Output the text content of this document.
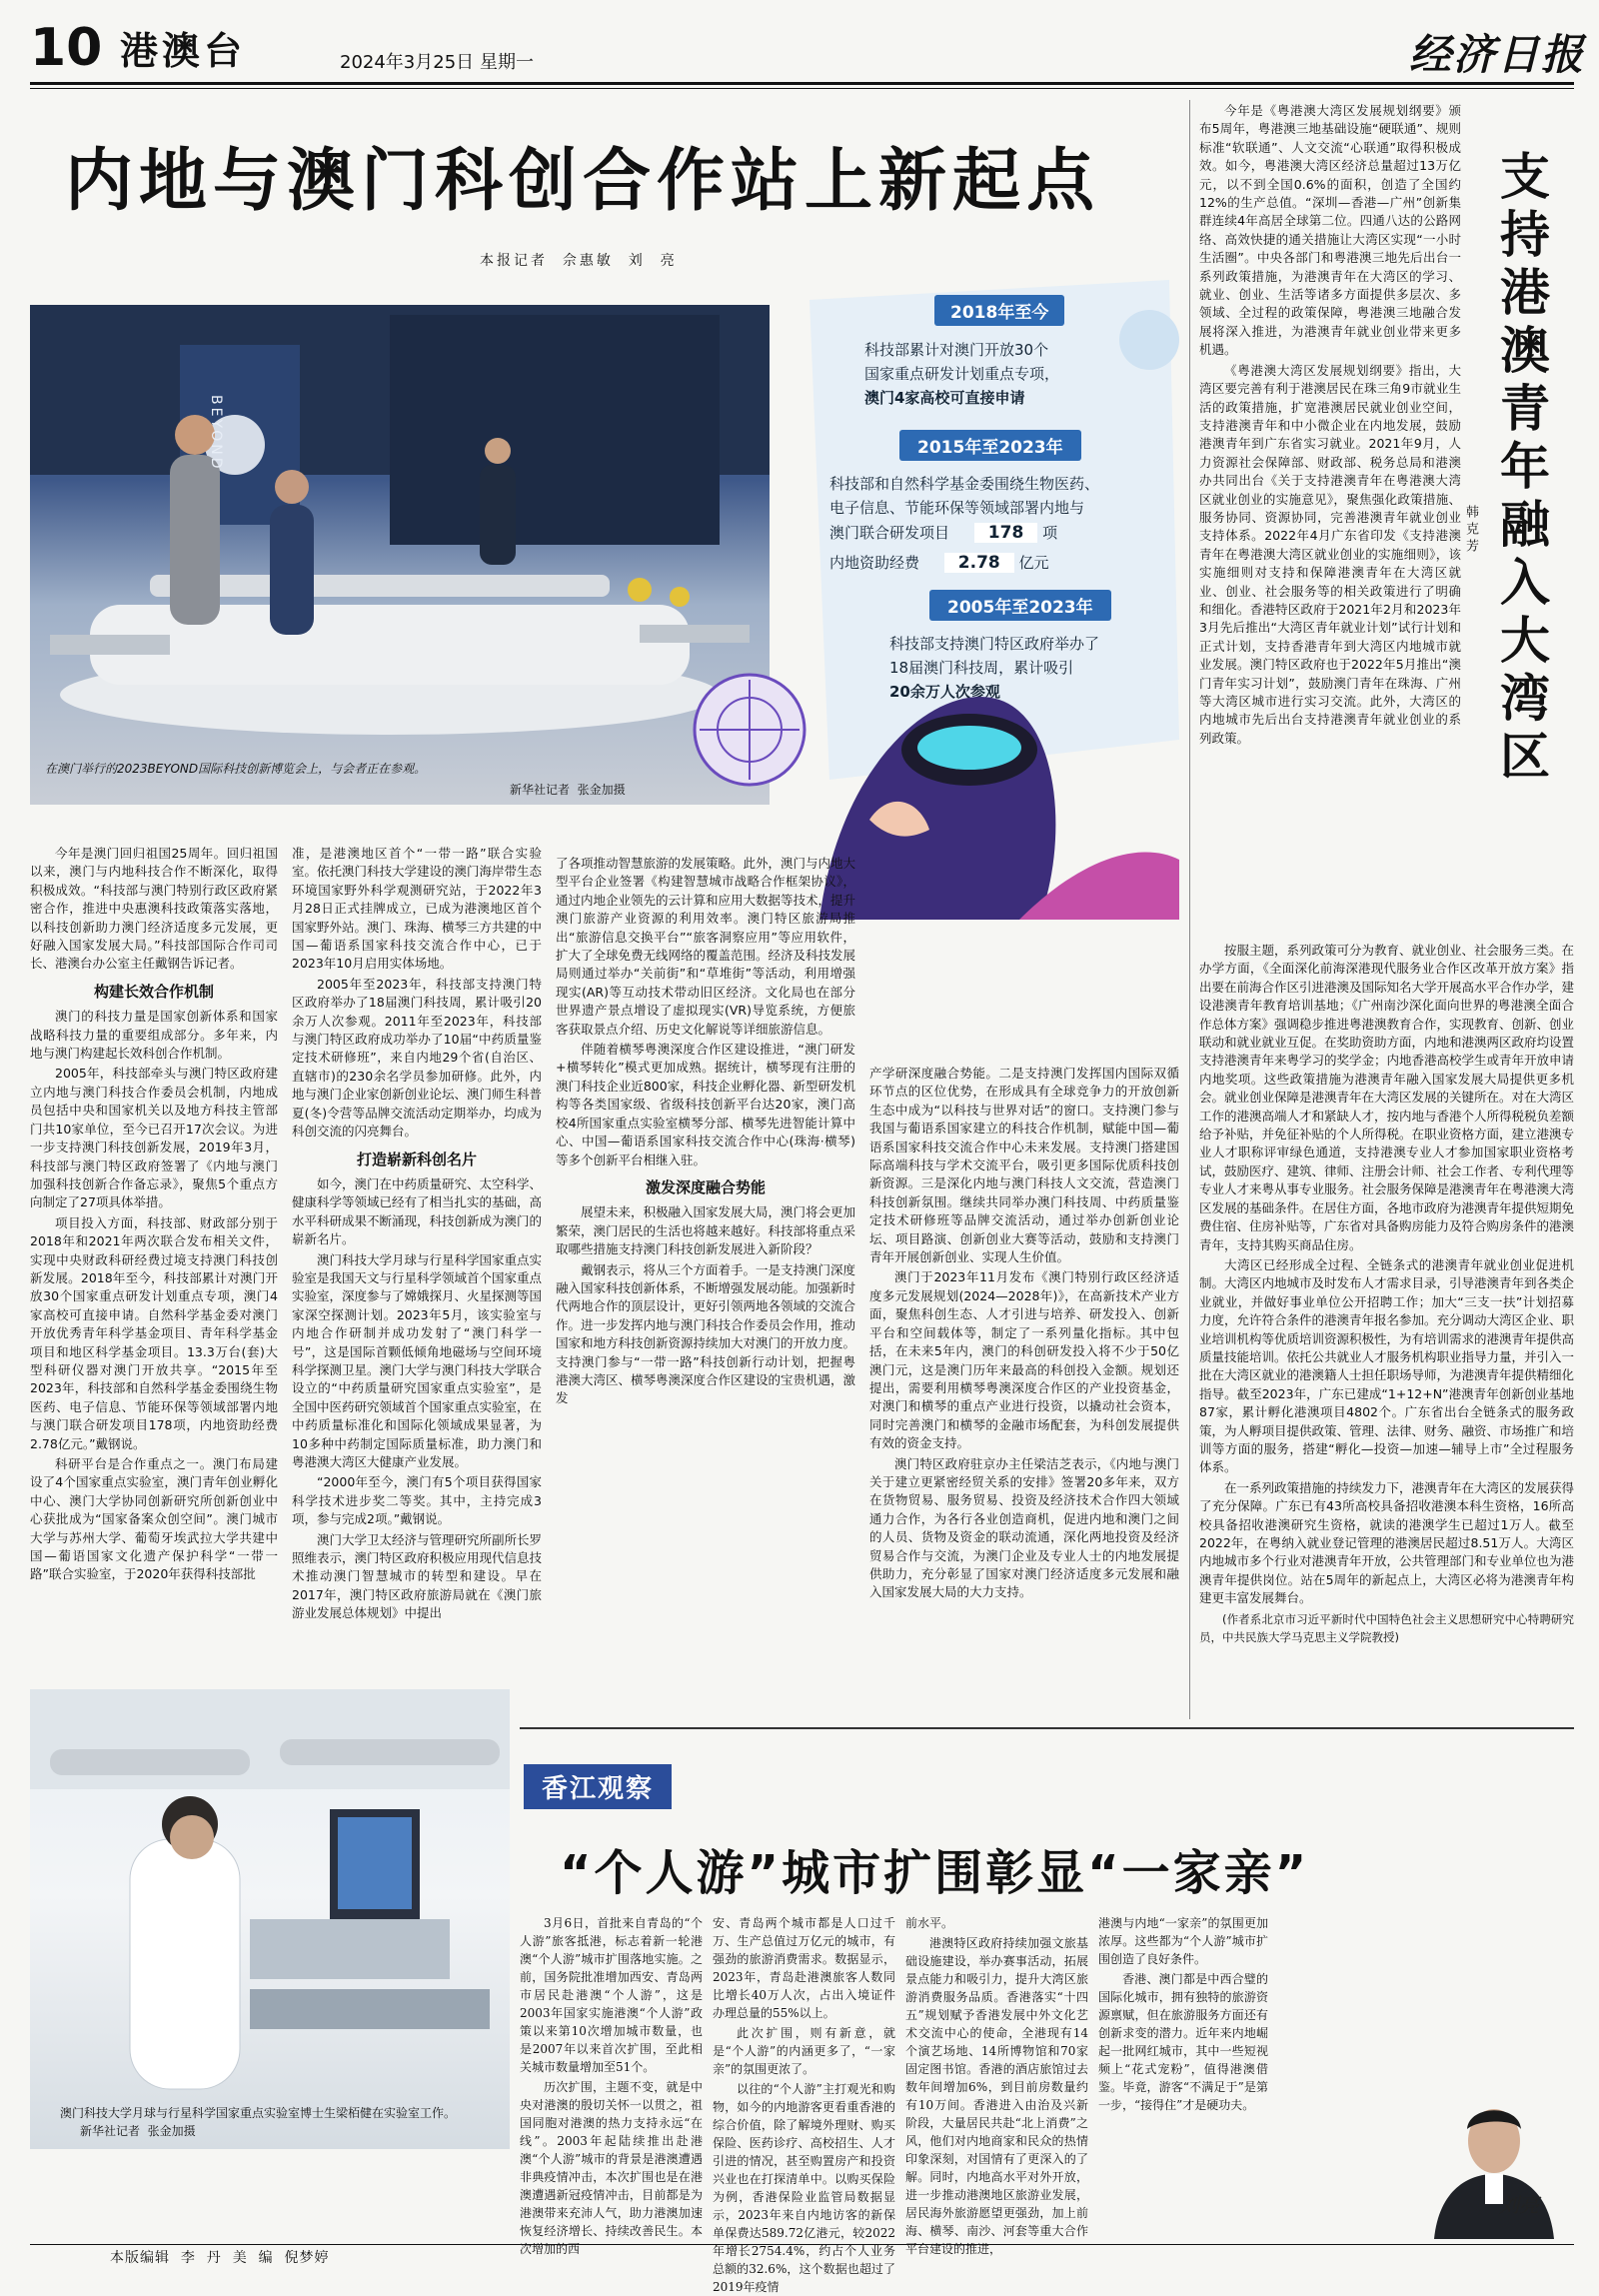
10 港澳台	2024年3月25日 星期一	经济日报
内地与澳门科创合作站上新起点
本报记者  佘惠敏  刘  亮
BEYOND
在澳门举行的2023BEYOND国际科技创新博览会上，与会者正在参观。
新华社记者  张金加摄
2018年至今
科技部累计对澳门开放30个
国家重点研发计划重点专项，
澳门4家高校可直接申请
2015年至2023年
科技部和自然科学基金委围绕生物医药、
电子信息、节能环保等领域部署内地与
澳门联合研发项目 178 项
内地资助经费 2.78 亿元
2005年至2023年
科技部支持澳门特区政府举办了
18届澳门科技周，累计吸引
20余万人次参观

今年是澳门回归祖国25周年。回归祖国以来，澳门与内地科技合作不断深化，取得积极成效。“科技部与澳门特别行政区政府紧密合作，推进中央惠澳科技政策落实落地，以科技创新助力澳门经济适度多元发展，更好融入国家发展大局。”科技部国际合作司司长、港澳台办公室主任戴钢告诉记者。

构建长效合作机制

澳门的科技力量是国家创新体系和国家战略科技力量的重要组成部分。多年来，内地与澳门构建起长效科创合作机制。

2005年，科技部牵头与澳门特区政府建立内地与澳门科技合作委员会机制，内地成员包括中央和国家机关以及地方科技主管部门共10家单位，至今已召开17次会议。为进一步支持澳门科技创新发展，2019年3月，科技部与澳门特区政府签署了《内地与澳门加强科技创新合作备忘录》，聚焦5个重点方向制定了27项具体举措。

项目投入方面，科技部、财政部分别于2018年和2021年两次联合发布相关文件，实现中央财政科研经费过境支持澳门科技创新发展。2018年至今，科技部累计对澳门开放30个国家重点研发计划重点专项，澳门4家高校可直接申请。自然科学基金委对澳门开放优秀青年科学基金项目、青年科学基金项目和地区科学基金项目。13.3万台(套)大型科研仪器对澳门开放共享。“2015年至2023年，科技部和自然科学基金委围绕生物医药、电子信息、节能环保等领域部署内地与澳门联合研发项目178项，内地资助经费2.78亿元。”戴钢说。

科研平台是合作重点之一。澳门布局建设了4个国家重点实验室，澳门青年创业孵化中心、澳门大学协同创新研究所创新创业中心获批成为“国家备案众创空间”。澳门城市大学与苏州大学、葡萄牙埃武拉大学共建中国—葡语国家文化遗产保护科学“一带一路”联合实验室，于2020年获得科技部批

准，是港澳地区首个“一带一路”联合实验室。依托澳门科技大学建设的澳门海岸带生态环境国家野外科学观测研究站，于2022年3月28日正式挂牌成立，已成为港澳地区首个国家野外站。澳门、珠海、横琴三方共建的中国—葡语系国家科技交流合作中心，已于2023年10月启用实体场地。

2005年至2023年，科技部支持澳门特区政府举办了18届澳门科技周，累计吸引20余万人次参观。2011年至2023年，科技部与澳门特区政府成功举办了10届“中药质量鉴定技术研修班”，来自内地29个省(自治区、直辖市)的230余名学员参加研修。此外，内地与澳门企业家创新创业论坛、澳门师生科普夏(冬)令营等品牌交流活动定期举办，均成为科创交流的闪亮舞台。

打造崭新科创名片

如今，澳门在中药质量研究、太空科学、健康科学等领域已经有了相当扎实的基础，高水平科研成果不断涌现，科技创新成为澳门的崭新名片。

澳门科技大学月球与行星科学国家重点实验室是我国天文与行星科学领域首个国家重点实验室，深度参与了嫦娥探月、火星探测等国家深空探测计划。2023年5月，该实验室与内地合作研制并成功发射了“澳门科学一号”，这是国际首颗低倾角地磁场与空间环境科学探测卫星。澳门大学与澳门科技大学联合设立的“中药质量研究国家重点实验室”，是全国中医药研究领域首个国家重点实验室，在中药质量标准化和国际化领域成果显著，为10多种中药制定国际质量标准，助力澳门和粤港澳大湾区大健康产业发展。

“2000年至今，澳门有5个项目获得国家科学技术进步奖二等奖。其中，主持完成3项，参与完成2项。”戴钢说。

澳门大学卫太经济与管理研究所副所长罗照维表示，澳门特区政府积极应用现代信息技术推动澳门智慧城市的转型和建设。早在2017年，澳门特区政府旅游局就在《澳门旅游业发展总体规划》中提出

了各项推动智慧旅游的发展策略。此外，澳门与内地大型平台企业签署《构建智慧城市战略合作框架协议》，通过内地企业领先的云计算和应用大数据等技术，提升澳门旅游产业资源的利用效率。澳门特区旅游局推出“旅游信息交换平台”“旅客洞察应用”等应用软件，扩大了全球免费无线网络的覆盖范围。经济及科技发展局则通过举办“关前街”和“草堆街”等活动，利用增强现实(AR)等互动技术带动旧区经济。文化局也在部分世界遗产景点增设了虚拟现实(VR)导览系统，方便旅客获取景点介绍、历史文化解说等详细旅游信息。

伴随着横琴粤澳深度合作区建设推进，“澳门研发+横琴转化”模式更加成熟。据统计，横琴现有注册的澳门科技企业近800家，科技企业孵化器、新型研发机构等各类国家级、省级科技创新平台达20家，澳门高校4所国家重点实验室横琴分部、横琴先进智能计算中心、中国—葡语系国家科技交流合作中心(珠海·横琴)等多个创新平台相继入驻。

激发深度融合势能

展望未来，积极融入国家发展大局，澳门将会更加繁荣，澳门居民的生活也将越来越好。科技部将重点采取哪些措施支持澳门科技创新发展进入新阶段？

戴钢表示，将从三个方面着手。一是支持澳门深度融入国家科技创新体系，不断增强发展动能。加强新时代两地合作的顶层设计，更好引领两地各领域的交流合作。进一步发挥内地与澳门科技合作委员会作用，推动国家和地方科技创新资源持续加大对澳门的开放力度。支持澳门参与“一带一路”科技创新行动计划，把握粤港澳大湾区、横琴粤澳深度合作区建设的宝贵机遇，激发

产学研深度融合势能。二是支持澳门发挥国内国际双循环节点的区位优势，在形成具有全球竞争力的开放创新生态中成为“以科技与世界对话”的窗口。支持澳门参与我国与葡语系国家建立的科技合作机制，赋能中国—葡语系国家科技交流合作中心未来发展。支持澳门搭建国际高端科技与学术交流平台，吸引更多国际优质科技创新资源。三是深化内地与澳门科技人文交流，营造澳门科技创新氛围。继续共同举办澳门科技周、中药质量鉴定技术研修班等品牌交流活动，通过举办创新创业论坛、项目路演、创新创业大赛等活动，鼓励和支持澳门青年开展创新创业、实现人生价值。

澳门于2023年11月发布《澳门特别行政区经济适度多元发展规划(2024—2028年)》，在高新技术产业方面，聚焦科创生态、人才引进与培养、研发投入、创新平台和空间载体等，制定了一系列量化指标。其中包括，在未来5年内，澳门的科创研发投入将不少于50亿澳门元，这是澳门历年来最高的科创投入金额。规划还提出，需要利用横琴粤澳深度合作区的产业投资基金，对澳门和横琴的重点产业进行投资，以撬动社会资本，同时完善澳门和横琴的金融市场配套，为科创发展提供有效的资金支持。

澳门特区政府驻京办主任梁洁芝表示，《内地与澳门关于建立更紧密经贸关系的安排》签署20多年来，双方在货物贸易、服务贸易、投资及经济技术合作四大领域通力合作，为各行各业创造商机，促进内地和澳门之间的人员、货物及资金的联动流通，深化两地投资及经济贸易合作与交流，为澳门企业及专业人士的内地发展提供助力，充分彰显了国家对澳门经济适度多元发展和融入国家发展大局的大力支持。

澳门科技大学月球与行星科学国家重点实验室博士生梁栢健在实验室工作。 新华社记者  张金加摄

今年是《粤港澳大湾区发展规划纲要》颁布5周年，粤港澳三地基础设施“硬联通”、规则标准“软联通”、人文交流“心联通”取得积极成效。如今，粤港澳大湾区经济总量超过13万亿元，以不到全国0.6%的面积，创造了全国约12%的生产总值。“深圳—香港—广州”创新集群连续4年高居全球第二位。四通八达的公路网络、高效快捷的通关措施让大湾区实现“一小时生活圈”。中央各部门和粤港澳三地先后出台一系列政策措施，为港澳青年在大湾区的学习、就业、创业、生活等诸多方面提供多层次、多领域、全过程的政策保障，粤港澳三地融合发展将深入推进，为港澳青年就业创业带来更多机遇。

《粤港澳大湾区发展规划纲要》指出，大湾区要完善有利于港澳居民在珠三角9市就业生活的政策措施，扩宽港澳居民就业创业空间，支持港澳青年和中小微企业在内地发展，鼓励港澳青年到广东省实习就业。2021年9月，人力资源社会保障部、财政部、税务总局和港澳办共同出台《关于支持港澳青年在粤港澳大湾区就业创业的实施意见》，聚焦强化政策措施、服务协同、资源协同，完善港澳青年就业创业支持体系。2022年4月广东省印发《支持港澳青年在粤港澳大湾区就业创业的实施细则》，该实施细则对支持和保障港澳青年在大湾区就业、创业、社会服务等的相关政策进行了明确和细化。香港特区政府于2021年2月和2023年3月先后推出“大湾区青年就业计划”试行计划和正式计划，支持香港青年到大湾区内地城市就业发展。澳门特区政府也于2022年5月推出“澳门青年实习计划”，鼓励澳门青年在珠海、广州等大湾区城市进行实习交流。此外，大湾区的内地城市先后出台支持港澳青年就业创业的系列政策。	支持港澳青年融入大湾区
韩克芳

按服主题，系列政策可分为教育、就业创业、社会服务三类。在办学方面，《全面深化前海深港现代服务业合作区改革开放方案》指出要在前海合作区引进港澳及国际知名大学开展高水平合作办学，建设港澳青年教育培训基地；《广州南沙深化面向世界的粤港澳全面合作总体方案》强调稳步推进粤港澳教育合作，实现教育、创新、创业联动和就业就业互促。在奖助资助方面，内地和港澳两区政府均设置支持港澳青年来粤学习的奖学金；内地香港高校学生或青年开放申请内地奖项。这些政策措施为港澳青年融入国家发展大局提供更多机会。就业创业保障是港澳青年在大湾区发展的关键所在。对在大湾区工作的港澳高端人才和紧缺人才，按内地与香港个人所得税税负差额给予补贴，并免征补贴的个人所得税。在职业资格方面，建立港澳专业人才职称评审绿色通道，支持港澳专业人才参加国家职业资格考试，鼓励医疗、建筑、律师、注册会计师、社会工作者、专利代理等专业人才来粤从事专业服务。社会服务保障是港澳青年在粤港澳大湾区发展的基础条件。在居住方面，各地市政府为港澳青年提供短期免费住宿、住房补贴等，广东省对具备购房能力及符合购房条件的港澳青年，支持其购买商品住房。

大湾区已经形成全过程、全链条式的港澳青年就业创业促进机制。大湾区内地城市及时发布人才需求目录，引导港澳青年到各类企业就业，并做好事业单位公开招聘工作；加大“三支一扶”计划招募力度，允许符合条件的港澳青年报名参加。充分调动大湾区企业、职业培训机构等优质培训资源积极性，为有培训需求的港澳青年提供高质量技能培训。依托公共就业人才服务机构职业指导力量，并引入一批在大湾区就业的港澳籍人士担任职场导师，为港澳青年提供精细化指导。截至2023年，广东已建成“1+12+N”港澳青年创新创业基地87家，累计孵化港澳项目4802个。广东省出台全链条式的服务政策，为人孵项目提供政策、管理、法律、财务、融资、市场推广和培训等方面的服务，搭建“孵化—投资—加速—辅导上市”全过程服务体系。

在一系列政策措施的持续发力下，港澳青年在大湾区的发展获得了充分保障。广东已有43所高校具备招收港澳本科生资格，16所高校具备招收港澳研究生资格，就读的港澳学生已超过1万人。截至2022年，在粤纳入就业登记管理的港澳居民超过8.51万人。大湾区内地城市多个行业对港澳青年开放，公共管理部门和专业单位也为港澳青年提供岗位。站在5周年的新起点上，大湾区必将为港澳青年构建更丰富发展舞台。

(作者系北京市习近平新时代中国特色社会主义思想研究中心特聘研究员，中共民族大学马克思主义学院教授)

香江观察
“个人游”城市扩围彰显“一家亲”

3月6日，首批来自青岛的“个人游”旅客抵港，标志着新一轮港澳“个人游”城市扩围落地实施。之前，国务院批准增加西安、青岛两市居民赴港澳“个人游”，这是2003年国家实施港澳“个人游”政策以来第10次增加城市数量，也是2007年以来首次扩围，至此相关城市数量增加至51个。

历次扩围，主题不变，就是中央对港澳的殷切关怀一以贯之，祖国同胞对港澳的热力支持永远“在线”。2003年起陆续推出赴港澳“个人游”城市的背景是港澳遭遇非典疫情冲击，本次扩围也是在港澳遭遇新冠疫情冲击，目前都是为港澳带来充沛人气，助力港澳加速恢复经济增长、持续改善民生。本次增加的西

安、青岛两个城市都是人口过千万、生产总值过万亿元的城市，有强劲的旅游消费需求。数据显示，2023年，青岛赴港澳旅客人数同比增长40万人次，占出入境证件办理总量的55%以上。

此次扩围，则有新意，就是“个人游”的内涵更多了，“一家亲”的氛围更浓了。

以往的“个人游”主打观光和购物，如今的内地游客更看重香港的综合价值，除了解境外理财、购买保险、医药诊疗、高校招生、人才引进的情况，甚至购置房产和投资兴业也在打探清单中。以购买保险为例，香港保险业监管局数据显示，2023年来自内地访客的新保单保费达589.72亿港元，较2022年增长2754.4%，约占个人业务总额的32.6%，这个数据也超过了2019年疫情

前水平。

港澳特区政府持续加强文旅基础设施建设，举办赛事活动，拓展景点能力和吸引力，提升大湾区旅游消费服务品质。香港落实“十四五”规划赋予香港发展中外文化艺术交流中心的使命，全港现有14个演艺场地、14所博物馆和70家固定图书馆。香港的酒店旅馆过去数年间增加6%，到目前房数量约有10万间。香港进入由治及兴新阶段，大量居民共赴“北上消费”之风，他们对内地商家和民众的热情印象深刻，对国情有了更深入的了解。同时，内地高水平对外开放，进一步推动港澳地区旅游业发展，居民海外旅游愿望更强劲，加上前海、横琴、南沙、河套等重大合作平台建设的推进，

港澳与内地“一家亲”的氛围更加浓厚。这些都为“个人游”城市扩围创造了良好条件。

香港、澳门都是中西合璧的国际化城市，拥有独特的旅游资源禀赋，但在旅游服务方面还有创新求变的潜力。近年来内地崛起一批网红城市，其中一些短视频上“花式宠粉”，值得港澳借鉴。毕竟，游客“不满足于”是第一步，“接得住”才是硬功夫。

刘亮
本版编辑  李  丹  美  编  倪梦婷
